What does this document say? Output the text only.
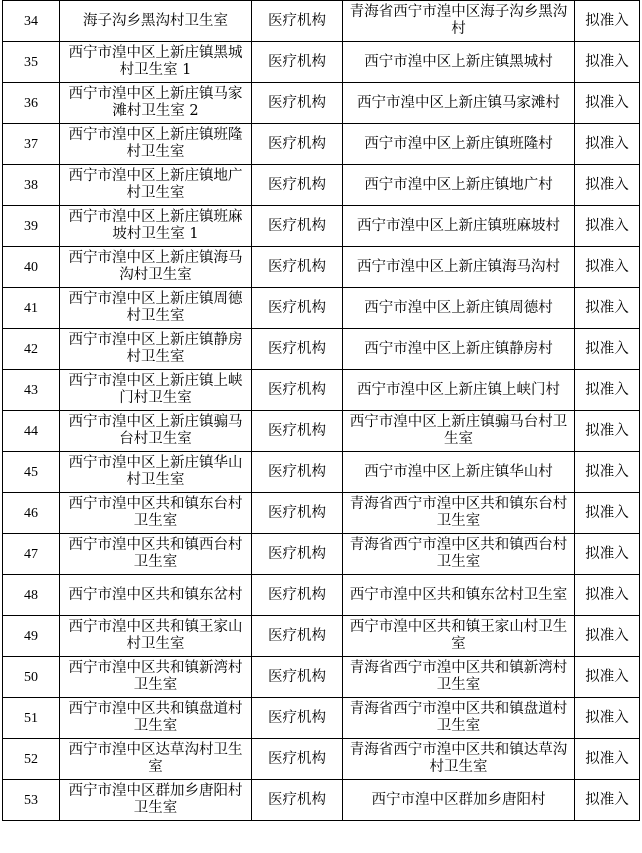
34	海子沟乡黑沟村卫生室	医疗机构	青海省西宁市湟中区海子沟乡黑沟村	拟准入
35	西宁市湟中区上新庄镇黑城村卫生室 1	医疗机构	西宁市湟中区上新庄镇黑城村	拟准入
36	西宁市湟中区上新庄镇马家滩村卫生室 2	医疗机构	西宁市湟中区上新庄镇马家滩村	拟准入
37	西宁市湟中区上新庄镇班隆村卫生室	医疗机构	西宁市湟中区上新庄镇班隆村	拟准入
38	西宁市湟中区上新庄镇地广村卫生室	医疗机构	西宁市湟中区上新庄镇地广村	拟准入
39	西宁市湟中区上新庄镇班麻坡村卫生室 1	医疗机构	西宁市湟中区上新庄镇班麻坡村	拟准入
40	西宁市湟中区上新庄镇海马沟村卫生室	医疗机构	西宁市湟中区上新庄镇海马沟村	拟准入
41	西宁市湟中区上新庄镇周德村卫生室	医疗机构	西宁市湟中区上新庄镇周德村	拟准入
42	西宁市湟中区上新庄镇静房村卫生室	医疗机构	西宁市湟中区上新庄镇静房村	拟准入
43	西宁市湟中区上新庄镇上峡门村卫生室	医疗机构	西宁市湟中区上新庄镇上峡门村	拟准入
44	西宁市湟中区上新庄镇骟马台村卫生室	医疗机构	西宁市湟中区上新庄镇骟马台村卫生室	拟准入
45	西宁市湟中区上新庄镇华山村卫生室	医疗机构	西宁市湟中区上新庄镇华山村	拟准入
46	西宁市湟中区共和镇东台村卫生室	医疗机构	青海省西宁市湟中区共和镇东台村卫生室	拟准入
47	西宁市湟中区共和镇西台村卫生室	医疗机构	青海省西宁市湟中区共和镇西台村卫生室	拟准入
48	西宁市湟中区共和镇东岔村	医疗机构	西宁市湟中区共和镇东岔村卫生室	拟准入
49	西宁市湟中区共和镇王家山村卫生室	医疗机构	西宁市湟中区共和镇王家山村卫生室	拟准入
50	西宁市湟中区共和镇新湾村卫生室	医疗机构	青海省西宁市湟中区共和镇新湾村卫生室	拟准入
51	西宁市湟中区共和镇盘道村卫生室	医疗机构	青海省西宁市湟中区共和镇盘道村卫生室	拟准入
52	西宁市湟中区达草沟村卫生室	医疗机构	青海省西宁市湟中区共和镇达草沟村卫生室	拟准入
53	西宁市湟中区群加乡唐阳村卫生室	医疗机构	西宁市湟中区群加乡唐阳村	拟准入
